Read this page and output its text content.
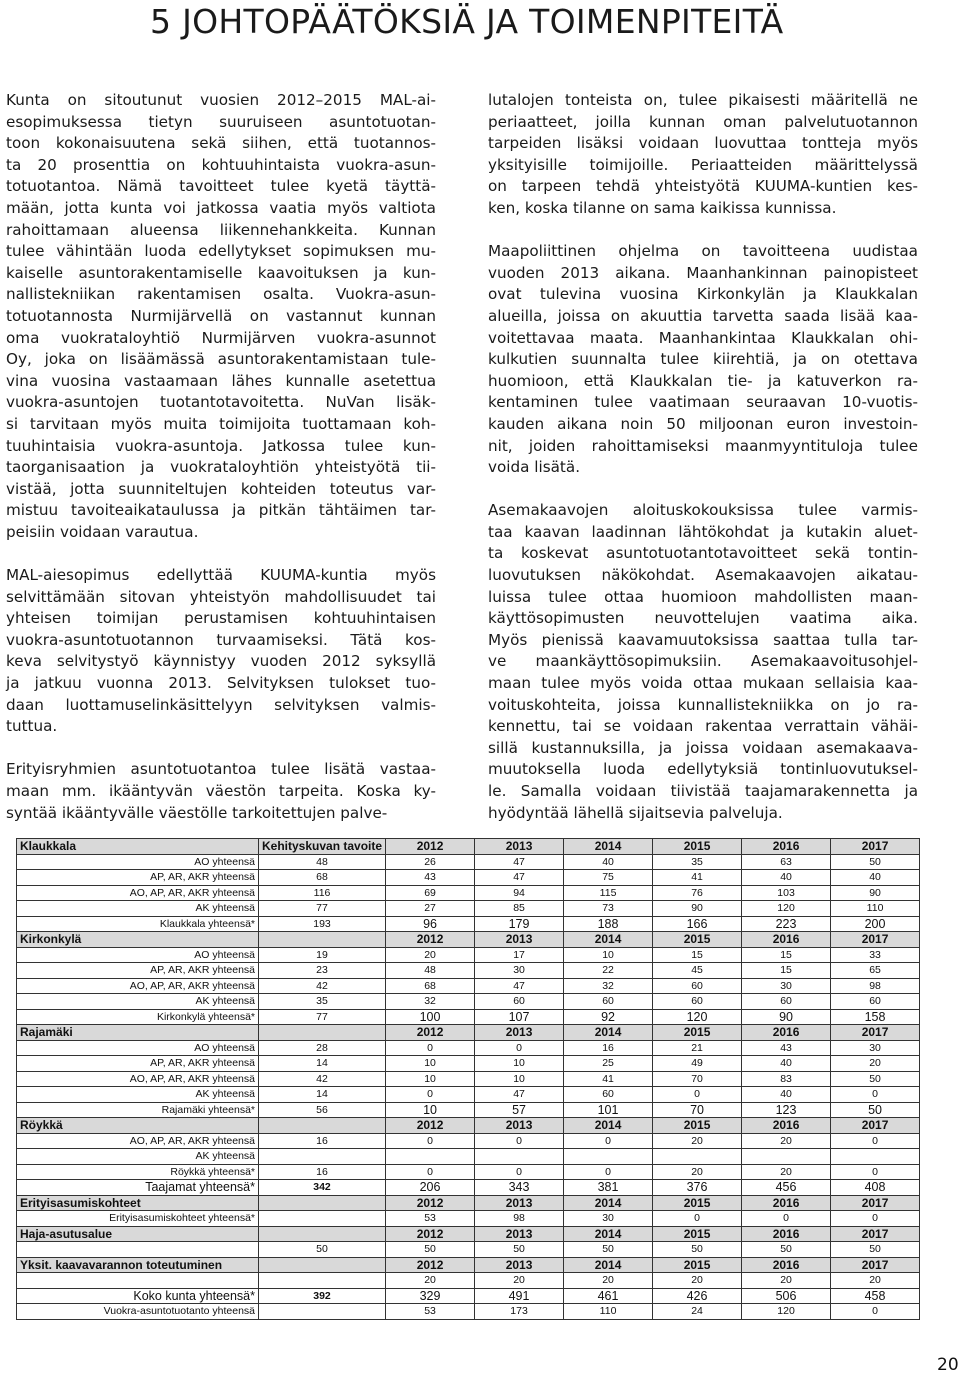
5 JOHTOPÄÄTÖKSIÄ JA TOIMENPITEITÄ

Kunta on sitoutunut vuosien 2012–2015 MAL-ai-
esopimuksessa tietyn suuruiseen asuntotuotan-
toon kokonaisuutena sekä siihen, että tuotannos-
ta 20 prosenttia on kohtuuhintaista vuokra-asun-
totuotantoa. Nämä tavoitteet tulee kyetä täyttä-
mään, jotta kunta voi jatkossa vaatia myös valtiota
rahoittamaan alueensa liikennehankkeita. Kunnan
tulee vähintään luoda edellytykset sopimuksen mu-
kaiselle asuntorakentamiselle kaavoituksen ja kun-
nallistekniikan rakentamisen osalta. Vuokra-asun-
totuotannosta Nurmijärvellä on vastannut kunnan
oma vuokrataloyhtiö Nurmijärven vuokra-asunnot
Oy, joka on lisäämässä asuntorakentamistaan tule-
vina vuosina vastaamaan lähes kunnalle asetettua
vuokra-asuntojen tuotantotavoitetta. NuVan lisäk-
si tarvitaan myös muita toimijoita tuottamaan koh-
tuuhintaisia vuokra-asuntoja. Jatkossa tulee kun-
taorganisaation ja vuokrataloyhtiön yhteistyötä tii-
vistää, jotta suunniteltujen kohteiden toteutus var-
mistuu tavoiteaikataulussa ja pitkän tähtäimen tar-
peisiin voidaan varautua.

MAL-aiesopimus edellyttää KUUMA-kuntia myös
selvittämään sitovan yhteistyön mahdollisuudet tai
yhteisen toimijan perustamisen kohtuuhintaisen
vuokra-asuntotuotannon turvaamiseksi. Tätä kos-
keva selvitystyö käynnistyy vuoden 2012 syksyllä
ja jatkuu vuonna 2013. Selvityksen tulokset tuo-
daan luottamuselinkäsittelyyn selvityksen valmis-
tuttua.

Erityisryhmien asuntotuotantoa tulee lisätä vastaa-
maan mm. ikääntyvän väestön tarpeita. Koska ky-
syntää ikääntyvälle väestölle tarkoitettujen palve-

lutalojen tonteista on, tulee pikaisesti määritellä ne
periaatteet, joilla kunnan oman palvelutuotannon
tarpeiden lisäksi voidaan luovuttaa tontteja myös
yksityisille toimijoille. Periaatteiden määrittelyssä
on tarpeen tehdä yhteistyötä KUUMA-kuntien kes-
ken, koska tilanne on sama kaikissa kunnissa.

Maapoliittinen ohjelma on tavoitteena uudistaa
vuoden 2013 aikana. Maanhankinnan painopisteet
ovat tulevina vuosina Kirkonkylän ja Klaukkalan
alueilla, joissa on akuuttia tarvetta saada lisää kaa-
voitettavaa maata. Maanhankintaa Klaukkalan ohi-
kulkutien suunnalta tulee kiirehtiä, ja on otettava
huomioon, että Klaukkalan tie- ja katuverkon ra-
kentaminen tulee vaatimaan seuraavan 10-vuotis-
kauden aikana noin 50 miljoonan euron investoin-
nit, joiden rahoittamiseksi maanmyyntituloja tulee
voida lisätä.

Asemakaavojen aloituskokouksissa tulee varmis-
taa kaavan laadinnan lähtökohdat ja kutakin aluet-
ta koskevat asuntotuotantotavoitteet sekä tontin-
luovutuksen näkökohdat. Asemakaavojen aikatau-
luissa tulee ottaa huomioon mahdollisten maan-
käyttösopimusten neuvottelujen vaatima aika.
Myös pienissä kaavamuutoksissa saattaa tulla tar-
ve maankäyttösopimuksiin. Asemakaavoitusohjel-
maan tulee myös voida ottaa mukaan sellaisia kaa-
voituskohteita, joissa kunnallistekniikka on jo ra-
kennettu, tai se voidaan rakentaa verrattain vähäi-
sillä kustannuksilla, ja joissa voidaan asemakaava-
muutoksella luoda edellytyksiä tontinluovutuksel-
le. Samalla voidaan tiivistää taajamarakennetta ja
hyödyntää lähellä sijaitsevia palveluja.

Klaukkala	Kehityskuvan tavoite	2012	2013	2014	2015	2016	2017
AO yhteensä	48	26	47	40	35	63	50
AP, AR, AKR yhteensä	68	43	47	75	41	40	40
AO, AP, AR, AKR yhteensä	116	69	94	115	76	103	90
AK yhteensä	77	27	85	73	90	120	110
Klaukkala yhteensä*	193	96	179	188	166	223	200
Kirkonkylä		2012	2013	2014	2015	2016	2017
AO yhteensä	19	20	17	10	15	15	33
AP, AR, AKR yhteensä	23	48	30	22	45	15	65
AO, AP, AR, AKR yhteensä	42	68	47	32	60	30	98
AK yhteensä	35	32	60	60	60	60	60
Kirkonkylä yhteensä*	77	100	107	92	120	90	158
Rajamäki		2012	2013	2014	2015	2016	2017
AO yhteensä	28	0	0	16	21	43	30
AP, AR, AKR yhteensä	14	10	10	25	49	40	20
AO, AP, AR, AKR yhteensä	42	10	10	41	70	83	50
AK yhteensä	14	0	47	60	0	40	0
Rajamäki yhteensä*	56	10	57	101	70	123	50
Röykkä		2012	2013	2014	2015	2016	2017
AO, AP, AR, AKR yhteensä	16	0	0	0	20	20	0
AK yhteensä							
Röykkä yhteensä*	16	0	0	0	20	20	0
Taajamat yhteensä*	342	206	343	381	376	456	408
Erityisasumiskohteet		2012	2013	2014	2015	2016	2017
Erityisasumiskohteet yhteensä*		53	98	30	0	0	0
Haja-asutusalue		2012	2013	2014	2015	2016	2017
	50	50	50	50	50	50	50
Yksit. kaavavarannon toteutuminen		2012	2013	2014	2015	2016	2017
		20	20	20	20	20	20
Koko kunta yhteensä*	392	329	491	461	426	506	458
Vuokra-asuntotuotanto yhteensä		53	173	110	24	120	0
20
